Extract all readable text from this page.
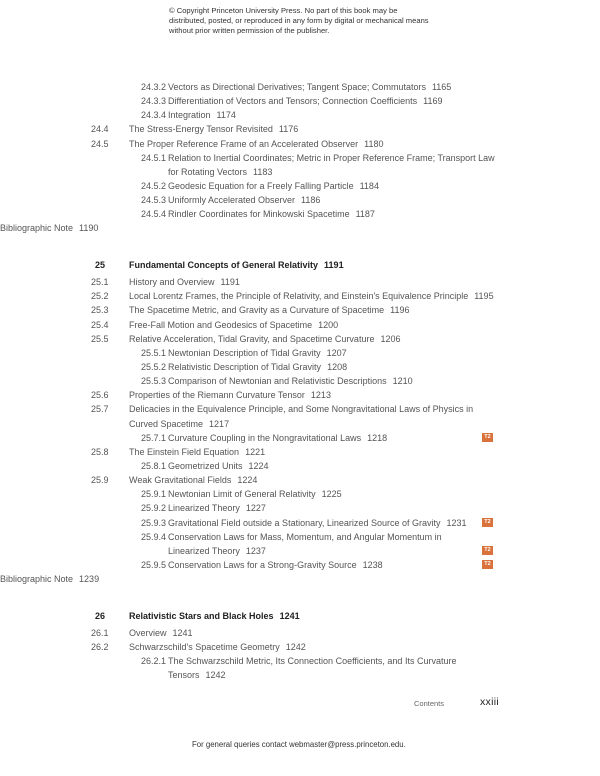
© Copyright Princeton University Press. No part of this book may be distributed, posted, or reproduced in any form by digital or mechanical means without prior written permission of the publisher.
24.3.2 Vectors as Directional Derivatives; Tangent Space; Commutators 1165
24.3.3 Differentiation of Vectors and Tensors; Connection Coefficients 1169
24.3.4 Integration 1174
24.4 The Stress-Energy Tensor Revisited 1176
24.5 The Proper Reference Frame of an Accelerated Observer 1180
24.5.1 Relation to Inertial Coordinates; Metric in Proper Reference Frame; Transport Law
for Rotating Vectors 1183
24.5.2 Geodesic Equation for a Freely Falling Particle 1184
24.5.3 Uniformly Accelerated Observer 1186
24.5.4 Rindler Coordinates for Minkowski Spacetime 1187
Bibliographic Note 1190
25	Fundamental Concepts of General Relativity 1191
25.1 History and Overview 1191
25.2 Local Lorentz Frames, the Principle of Relativity, and Einstein's Equivalence Principle 1195
25.3 The Spacetime Metric, and Gravity as a Curvature of Spacetime 1196
25.4 Free-Fall Motion and Geodesics of Spacetime 1200
25.5 Relative Acceleration, Tidal Gravity, and Spacetime Curvature 1206
25.5.1 Newtonian Description of Tidal Gravity 1207
25.5.2 Relativistic Description of Tidal Gravity 1208
25.5.3 Comparison of Newtonian and Relativistic Descriptions 1210
25.6 Properties of the Riemann Curvature Tensor 1213
25.7 Delicacies in the Equivalence Principle, and Some Nongravitational Laws of Physics in
Curved Spacetime 1217
25.7.1 Curvature Coupling in the Nongravitational Laws 1218	T2
25.8 The Einstein Field Equation 1221
25.8.1 Geometrized Units 1224
25.9 Weak Gravitational Fields 1224
25.9.1 Newtonian Limit of General Relativity 1225
25.9.2 Linearized Theory 1227
25.9.3 Gravitational Field outside a Stationary, Linearized Source of Gravity 1231	T2
25.9.4 Conservation Laws for Mass, Momentum, and Angular Momentum in
Linearized Theory 1237	T2
25.9.5 Conservation Laws for a Strong-Gravity Source 1238	T2
Bibliographic Note 1239
26	Relativistic Stars and Black Holes 1241
26.1 Overview 1241
26.2 Schwarzschild's Spacetime Geometry 1242
26.2.1 The Schwarzschild Metric, Its Connection Coefficients, and Its Curvature
Tensors 1242
Contents	xxiii
For general queries contact webmaster@press.princeton.edu.
